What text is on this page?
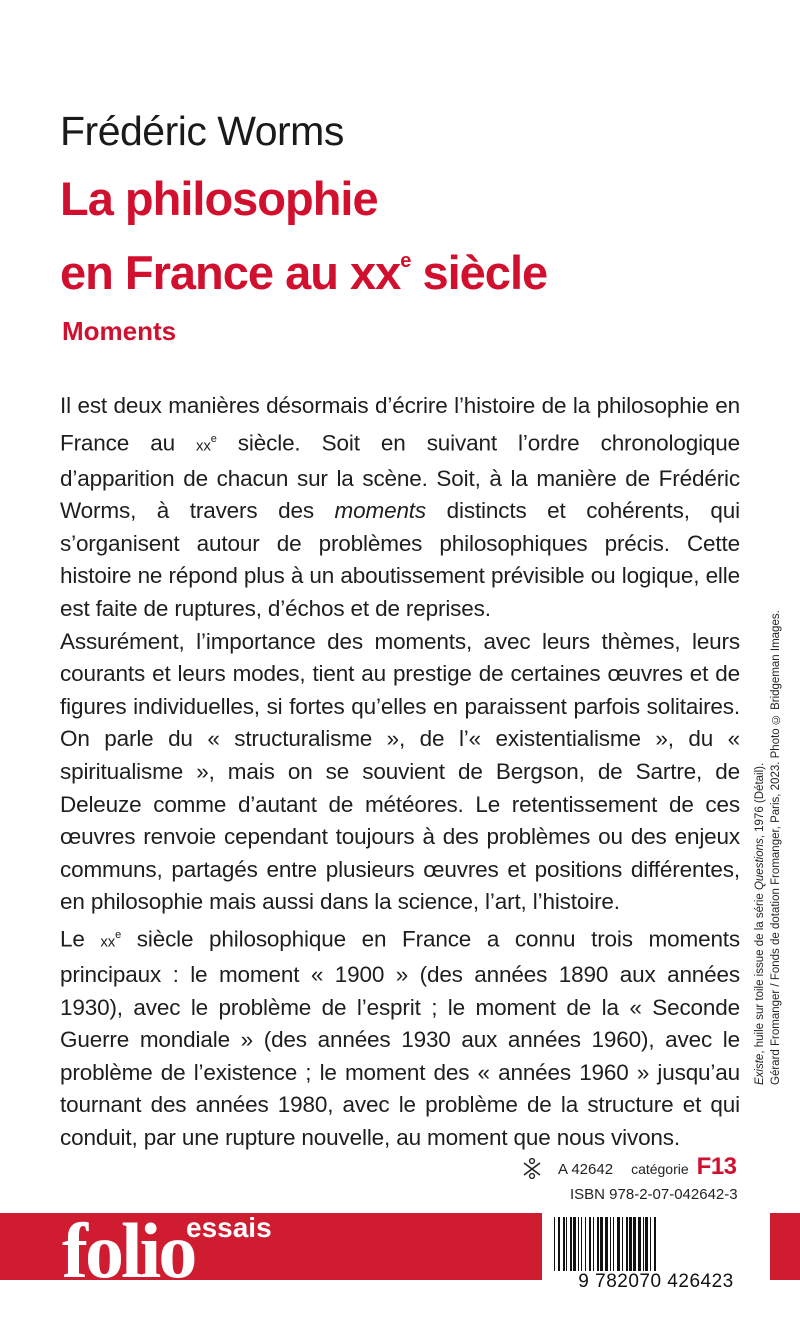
Frédéric Worms
La philosophie
en France au $xx^e$ siècle
Moments

Il est deux manières désormais d’écrire l’histoire de la philosophie en France au $xx^e$ siècle. Soit en suivant l’ordre chronologique d’apparition de chacun sur la scène. Soit, à la manière de Frédéric Worms, à travers des moments distincts et cohérents, qui s’organisent autour de problèmes philosophiques précis. Cette histoire ne répond plus à un aboutissement prévisible ou logique, elle est faite de ruptures, d’échos et de reprises.

Assurément, l’importance des moments, avec leurs thèmes, leurs courants et leurs modes, tient au prestige de certaines œuvres et de figures individuelles, si fortes qu’elles en paraissent parfois solitaires. On parle du « structuralisme », de l’« existentialisme », du « spiritualisme », mais on se souvient de Bergson, de Sartre, de Deleuze comme d’autant de météores. Le retentissement de ces œuvres renvoie cependant toujours à des problèmes ou des enjeux communs, partagés entre plusieurs œuvres et positions différentes, en philosophie mais aussi dans la science, l’art, l’histoire.

Le $xx^e$ siècle philosophique en France a connu trois moments principaux : le moment « 1900 » (des années 1890 aux années 1930), avec le problème de l’esprit ; le moment de la « Seconde Guerre mondiale » (des années 1930 aux années 1960), avec le problème de l’existence ; le moment des « années 1960 » jusqu’au tournant des années 1980, avec le problème de la structure et qui conduit, par une rupture nouvelle, au moment que nous vivons.

Existe, huile sur toile issue de la série Questions, 1976 (Détail). Gérard Fromanger / Fonds de dotation Fromanger, Paris, 2023. Photo © Bridgeman Images.
A 42642 catégorie F13
ISBN 978-2-07-042642-3
folio
essais
9 782070 426423
